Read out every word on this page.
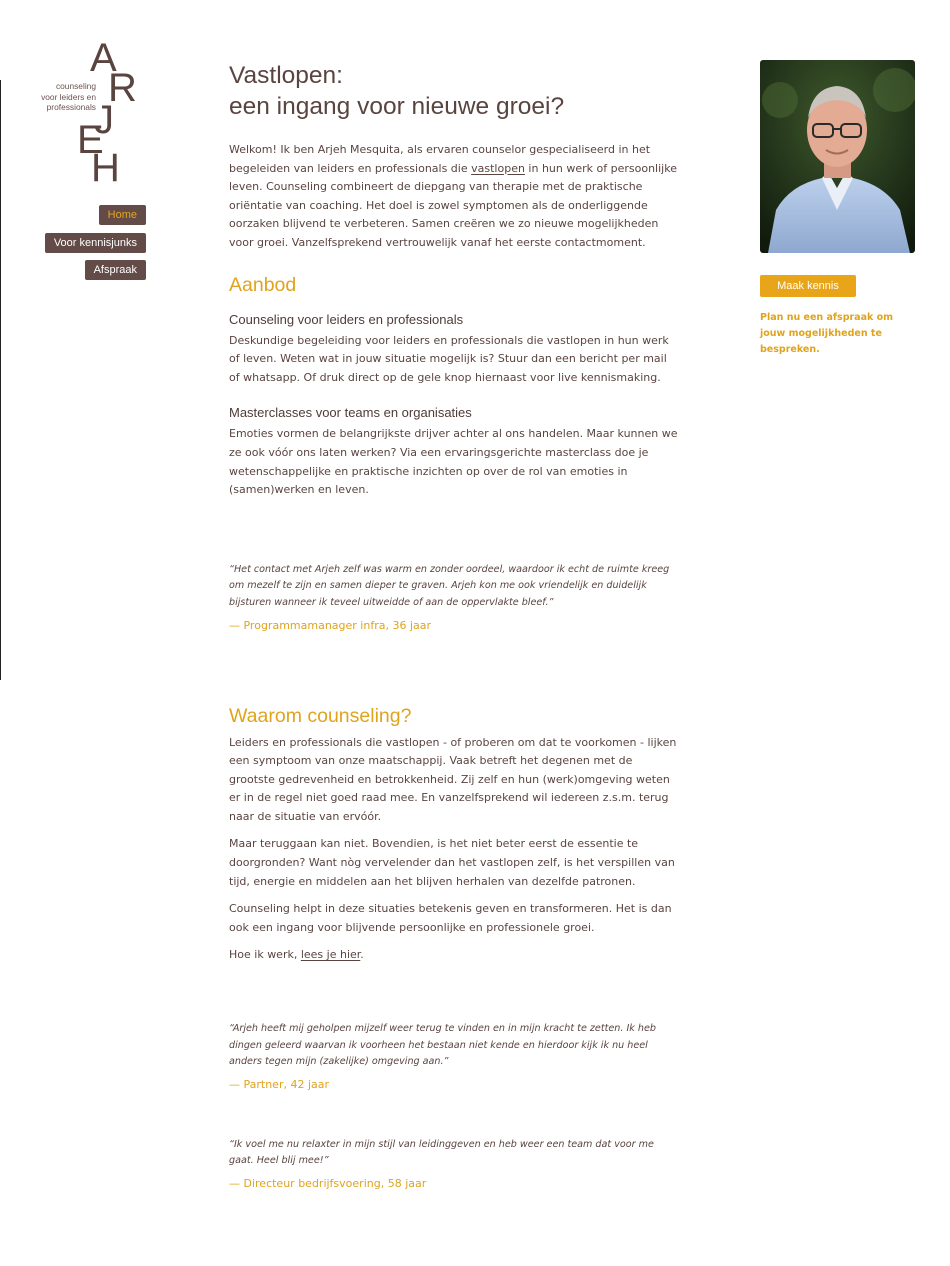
A
R
J
E
H
counseling
voor leiders en
professionals
Home
Voor kennisjunks
Afspraak
Vastlopen:
een ingang voor nieuwe groei?

Welkom! Ik ben Arjeh Mesquita, als ervaren counselor gespecialiseerd in het begeleiden van leiders en professionals die vastlopen in hun werk of persoonlijke leven. Counseling combineert de diepgang van therapie met de praktische oriëntatie van coaching. Het doel is zowel symptomen als de onderliggende oorzaken blijvend te verbeteren. Samen creëren we zo nieuwe mogelijkheden voor groei. Vanzelfsprekend vertrouwelijk vanaf het eerste contactmoment.

Aanbod
Counseling voor leiders en professionals

Deskundige begeleiding voor leiders en professionals die vastlopen in hun werk of leven. Weten wat in jouw situatie mogelijk is? Stuur dan een bericht per mail of whatsapp. Of druk direct op de gele knop hiernaast voor live kennismaking.

Masterclasses voor teams en organisaties

Emoties vormen de belangrijkste drijver achter al ons handelen. Maar kunnen we ze ook vóór ons laten werken? Via een ervaringsgerichte masterclass doe je wetenschappelijke en praktische inzichten op over de rol van emoties in (samen)werken en leven.

“Het contact met Arjeh zelf was warm en zonder oordeel, waardoor ik echt de ruimte kreeg om mezelf te zijn en samen dieper te graven. Arjeh kon me ook vriendelijk en duidelijk bijsturen wanneer ik teveel uitweidde of aan de oppervlakte bleef.”

— Programmamanager infra, 36 jaar

Waarom counseling?

Leiders en professionals die vastlopen - of proberen om dat te voorkomen - lijken een symptoom van onze maatschappij. Vaak betreft het degenen met de grootste gedrevenheid en betrokkenheid. Zij zelf en hun (werk)omgeving weten er in de regel niet goed raad mee. En vanzelfsprekend wil iedereen z.s.m. terug naar de situatie van ervóór.

Maar teruggaan kan niet. Bovendien, is het niet beter eerst de essentie te doorgronden? Want nòg vervelender dan het vastlopen zelf, is het verspillen van tijd, energie en middelen aan het blijven herhalen van dezelfde patronen.

Counseling helpt in deze situaties betekenis geven en transformeren. Het is dan ook een ingang voor blijvende persoonlijke en professionele groei.

Hoe ik werk, lees je hier.

“Arjeh heeft mij geholpen mijzelf weer terug te vinden en in mijn kracht te zetten. Ik heb dingen geleerd waarvan ik voorheen het bestaan niet kende en hierdoor kijk ik nu heel anders tegen mijn (zakelijke) omgeving aan.”

— Partner, 42 jaar

“Ik voel me nu relaxter in mijn stijl van leidinggeven en heb weer een team dat voor me gaat. Heel blij mee!”

— Directeur bedrijfsvoering, 58 jaar

Maak kennis
Plan nu een afspraak om jouw mogelijkheden te bespreken.
